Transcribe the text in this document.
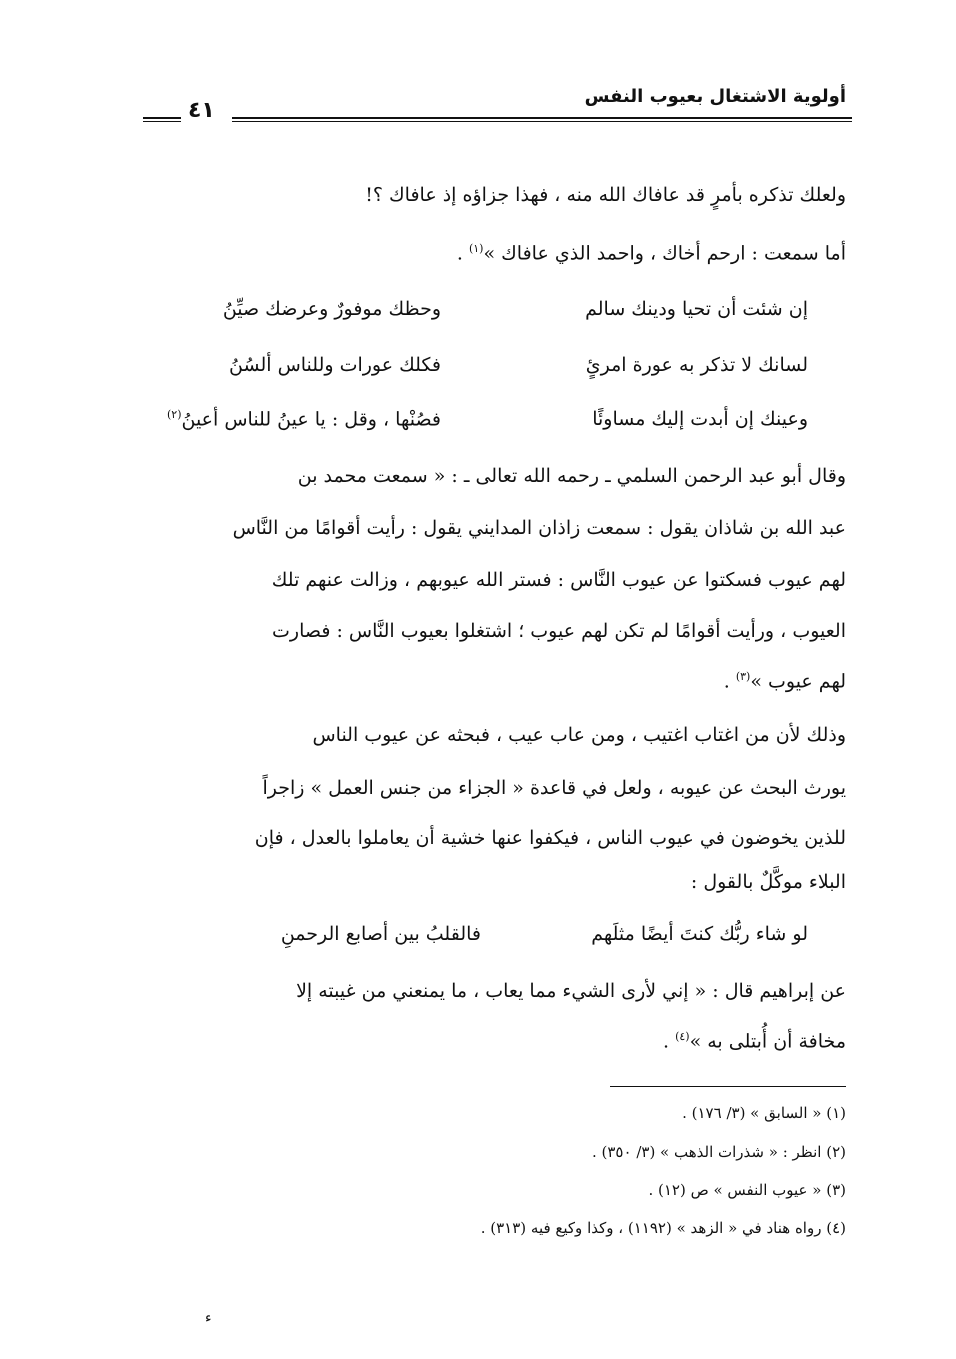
أولوية الاشتغال بعيوب النفس
٤١
ولعلك تذكره بأمرٍ قد عافاك الله منه ، فهذا جزاؤه إذ عافاك ؟!
أما سمعت : ارحم أخاك ، واحمد الذي عافاك »$^{(١)}$ .
إن شئت أن تحيا ودينك سالم
وحظك موفورٌ وعرضك صيِّنُ
لسانك لا تذكر به عورة امرئٍ
فكلك عورات وللناس ألسُنُ
وعينك إن أبدت إليك مساوئًا
فصُنْها ، وقل : يا عينُ للناس أعينُ$^{(٢)}$
وقال أبو عبد الرحمن السلمي ـ رحمه الله تعالى ـ : « سمعت محمد بن
عبد الله بن شاذان يقول : سمعت زاذان المدايني يقول : رأيت أقوامًا من النَّاس
لهم عيوب فسكتوا عن عيوب النَّاس : فستر الله عيوبهم ، وزالت عنهم تلك
العيوب ، ورأيت أقوامًا لم تكن لهم عيوب ؛ اشتغلوا بعيوب النَّاس : فصارت
لهم عيوب »$^{(٣)}$ .
وذلك لأن من اغتاب اغتيب ، ومن عاب عيب ، فبحثه عن عيوب الناس
يورث البحث عن عيوبه ، ولعل في قاعدة « الجزاء من جنس العمل » زاجراً
للذين يخوضون في عيوب الناس ، فيكفوا عنها خشية أن يعاملوا بالعدل ، فإن
البلاء موكَّلٌ بالقول :
لو شاء ربُّك كنتَ أيضًا مثلَهم
فالقلبُ بين أصابع الرحمنِ
عن إبراهيم قال : « إني لأرى الشيء مما يعاب ، ما يمنعني من غيبته إلا
مخافة أن أُبتلى به »$^{(٤)}$ .
(١) « السابق » (٣/ ١٧٦) .
(٢) انظر : « شذرات الذهب » (٣/ ٣٥٠) .
(٣) « عيوب النفس » ص (١٢) .
(٤) رواه هناد في « الزهد » (١١٩٢) ، وكذا وكيع فيه (٣١٣) .
ء
